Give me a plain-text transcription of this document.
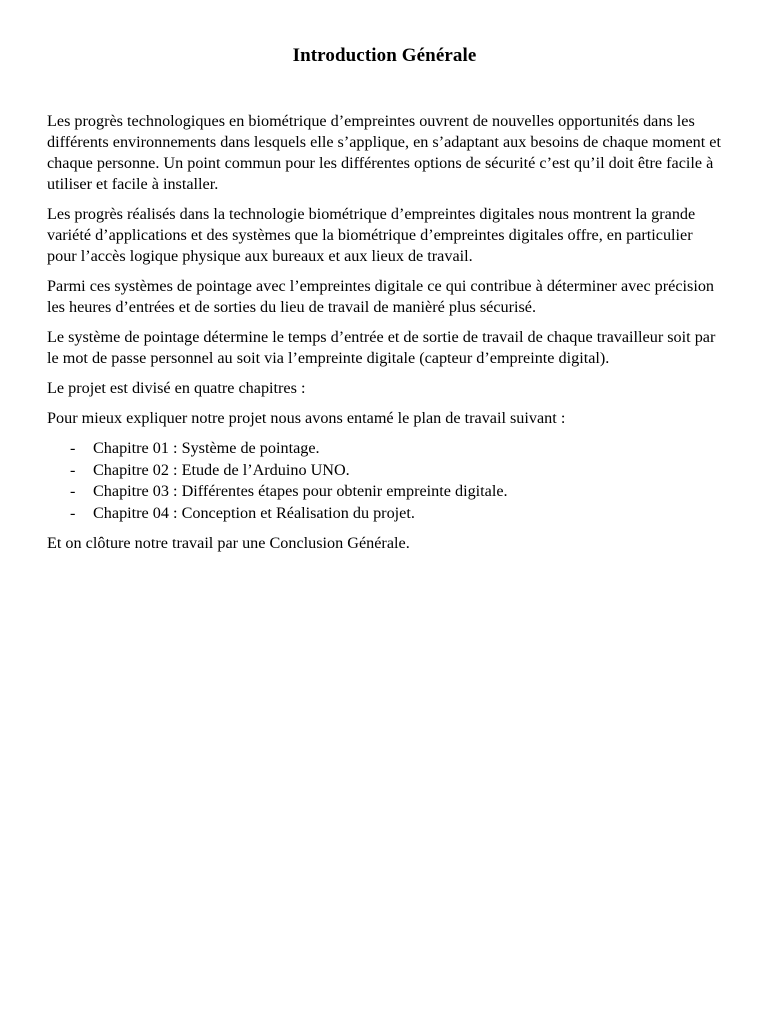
Introduction Générale

Les progrès technologiques en biométrique d’empreintes ouvrent de nouvelles opportunités dans les différents environnements dans lesquels elle s’applique, en s’adaptant aux besoins de chaque moment et chaque personne. Un point commun pour les différentes options de sécurité c’est qu’il doit être facile à utiliser et facile à installer.

Les progrès réalisés dans la technologie biométrique d’empreintes digitales nous montrent la grande variété d’applications et des systèmes que la biométrique d’empreintes digitales offre, en particulier pour l’accès logique physique aux bureaux et aux lieux de travail.

Parmi ces systèmes de pointage avec l’empreintes digitale ce qui contribue à déterminer avec précision les heures d’entrées et de sorties du lieu de travail de manièré plus sécurisé.

Le système de pointage détermine le temps d’entrée et de sortie de travail de chaque travailleur soit par le mot de passe personnel au soit via l’empreinte digitale (capteur d’empreinte digital).

Le projet est divisé en quatre chapitres :

Pour mieux expliquer notre projet nous avons entamé le plan de travail suivant :

- Chapitre 01 : Système de pointage.
- Chapitre 02 : Etude de l’Arduino UNO.
- Chapitre 03 : Différentes étapes pour obtenir empreinte digitale.
- Chapitre 04 : Conception et Réalisation du projet.

Et on clôture notre travail par une Conclusion Générale.
